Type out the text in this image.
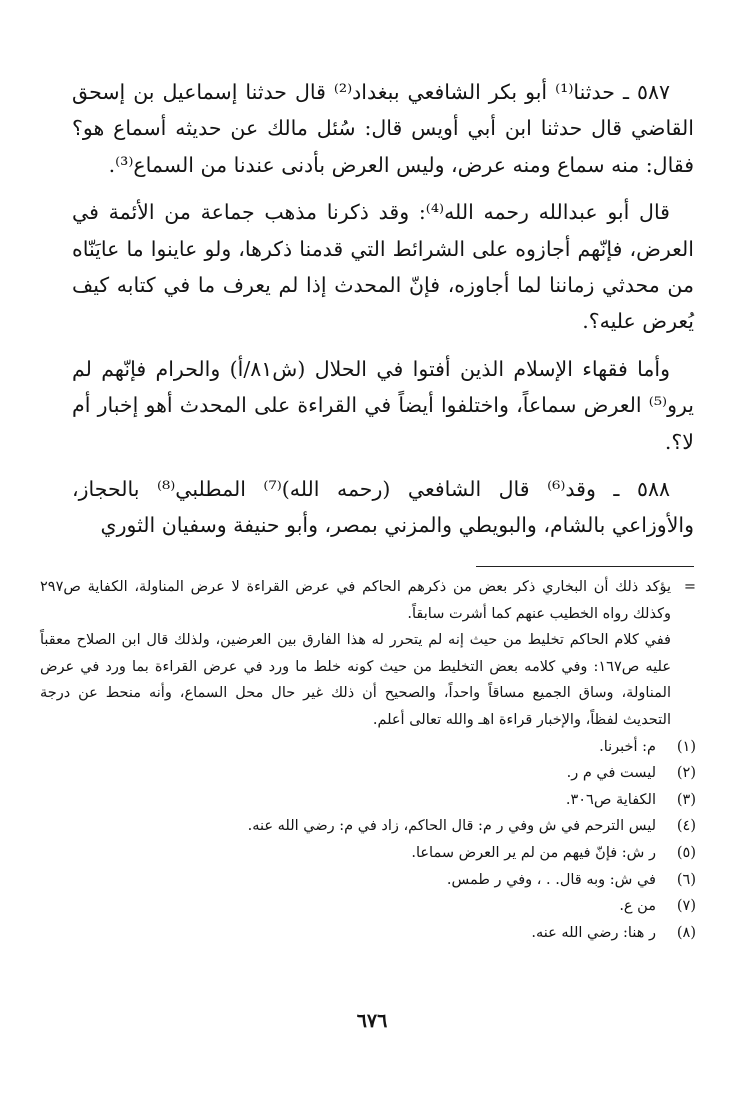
٥٨٧ ـ حدثنا⁽¹⁾ أبو بكر الشافعي ببغداد⁽²⁾ قال حدثنا إسماعيل بن إسحق القاضي قال حدثنا ابن أبي أويس قال: سُئل مالك عن حديثه أسماع هو؟ فقال: منه سماع ومنه عرض، وليس العرض بأدنى عندنا من السماع⁽³⁾.

قال أبو عبدالله رحمه الله⁽⁴⁾: وقد ذكرنا مذهب جماعة من الأئمة في العرض، فإنّهم أجازوه على الشرائط التي قدمنا ذكرها، ولو عاينوا ما عايَنّاه من محدثي زماننا لما أجاوزه، فإنّ المحدث إذا لم يعرف ما في كتابه كيف يُعرض عليه؟.

وأما فقهاء الإسلام الذين أفتوا في الحلال (ش٨١/أ) والحرام فإنّهم لم يرو⁽⁵⁾ العرض سماعاً، واختلفوا أيضاً في القراءة على المحدث أهو إخبار أم لا؟.

٥٨٨ ـ وقد⁽⁶⁾ قال الشافعي (رحمه الله)⁽⁷⁾ المطلبي⁽⁸⁾ بالحجاز، والأوزاعي بالشام، والبويطي والمزني بمصر، وأبو حنيفة وسفيان الثوري

=

يؤكد ذلك أن البخاري ذكر بعض من ذكرهم الحاكم في عرض القراءة لا عرض المناولة، الكفاية ص٢٩٧ وكذلك رواه الخطيب عنهم كما أشرت سابقاً.

ففي كلام الحاكم تخليط من حيث إنه لم يتحرر له هذا الفارق بين العرضين، ولذلك قال ابن الصلاح معقباً عليه ص١٦٧: وفي كلامه بعض التخليط من حيث كونه خلط ما ورد في عرض القراءة بما ورد في عرض المناولة، وساق الجميع مساقاً واحداً، والصحيح أن ذلك غير حال محل السماع، وأنه منحط عن درجة التحديث لفظاً، والإخبار قراءة اهـ والله تعالى أعلم.

(١)
م: أخبرنا.
(٢)
ليست في م ر.
(٣)
الكفاية ص٣٠٦.
(٤)
ليس الترحم في ش وفي ر م: قال الحاكم، زاد في م: رضي الله عنه.
(٥)
ر ش: فإنّ فيهم من لم ير العرض سماعا.
(٦)
في ش: وبه قال. . ، وفي ر طمس.
(٧)
من ع.
(٨)
ر هنا: رضي الله عنه.
٦٧٦
